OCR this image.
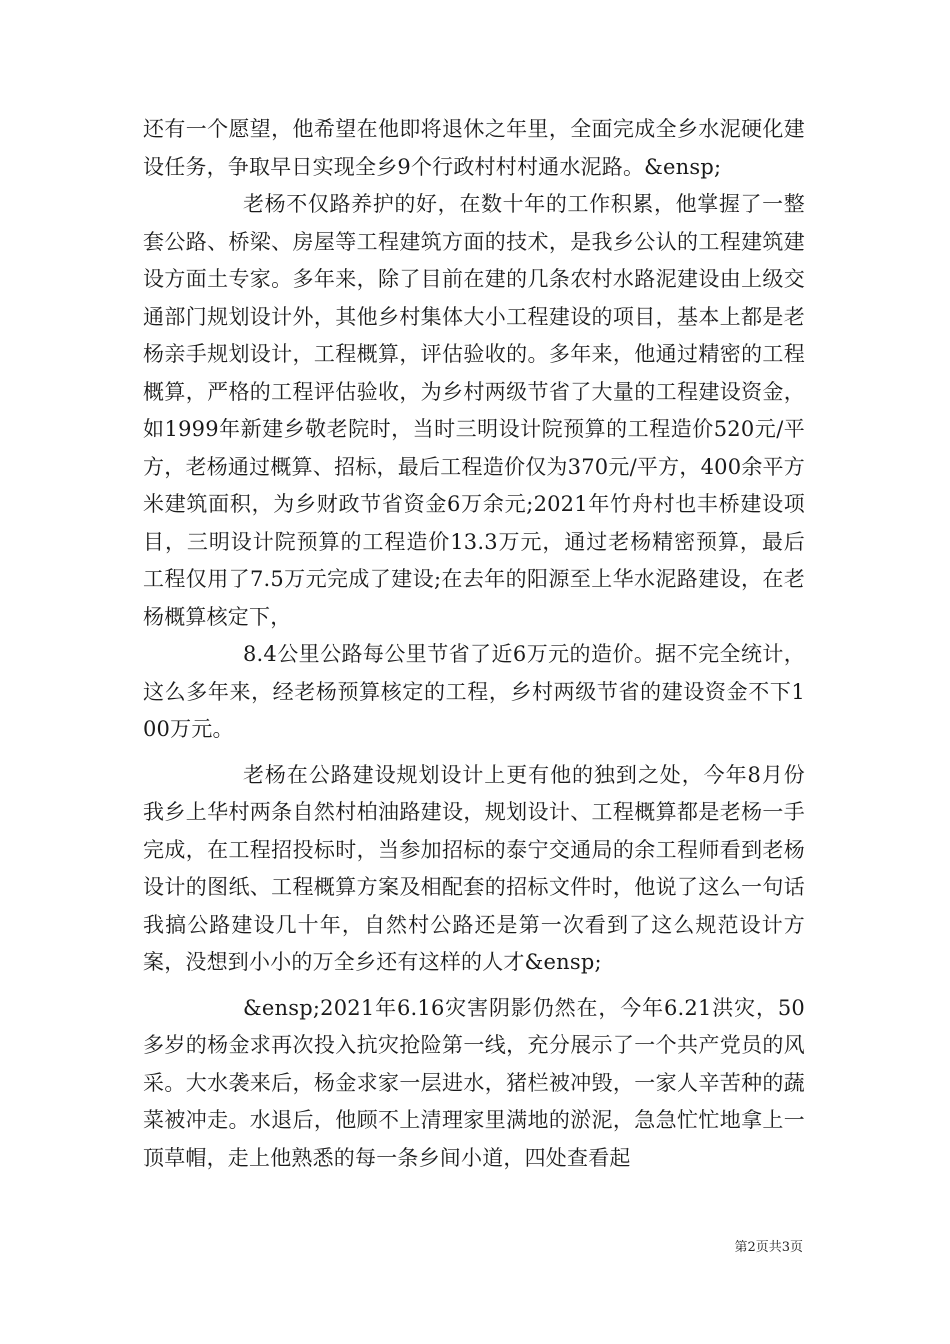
还有一个愿望，他希望在他即将退休之年里，全面完成全乡水泥硬化建设任务，争取早日实现全乡9个行政村村村通水泥路。&ensp;

老杨不仅路养护的好，在数十年的工作积累，他掌握了一整套公路、桥梁、房屋等工程建筑方面的技术，是我乡公认的工程建筑建设方面土专家。多年来，除了目前在建的几条农村水路泥建设由上级交通部门规划设计外，其他乡村集体大小工程建设的项目，基本上都是老杨亲手规划设计，工程概算，评估验收的。多年来，他通过精密的工程概算，严格的工程评估验收，为乡村两级节省了大量的工程建设资金，如1999年新建乡敬老院时，当时三明设计院预算的工程造价520元/平方，老杨通过概算、招标，最后工程造价仅为370元/平方，400余平方米建筑面积，为乡财政节省资金6万余元;2021年竹舟村也丰桥建设项目，三明设计院预算的工程造价13.3万元，通过老杨精密预算，最后工程仅用了7.5万元完成了建设;在去年的阳源至上华水泥路建设，在老杨概算核定下，

8.4公里公路每公里节省了近6万元的造价。据不完全统计，这么多年来，经老杨预算核定的工程，乡村两级节省的建设资金不下100万元。

老杨在公路建设规划设计上更有他的独到之处，今年8月份我乡上华村两条自然村柏油路建设，规划设计、工程概算都是老杨一手完成，在工程招投标时，当参加招标的泰宁交通局的余工程师看到老杨设计的图纸、工程概算方案及相配套的招标文件时，他说了这么一句话我搞公路建设几十年，自然村公路还是第一次看到了这么规范设计方案，没想到小小的万全乡还有这样的人才&ensp;

&ensp;2021年6.16灾害阴影仍然在，今年6.21洪灾，50多岁的杨金求再次投入抗灾抢险第一线，充分展示了一个共产党员的风采。大水袭来后，杨金求家一层进水，猪栏被冲毁，一家人辛苦种的蔬菜被冲走。水退后，他顾不上清理家里满地的淤泥，急急忙忙地拿上一顶草帽，走上他熟悉的每一条乡间小道，四处查看起

第2页共3页
